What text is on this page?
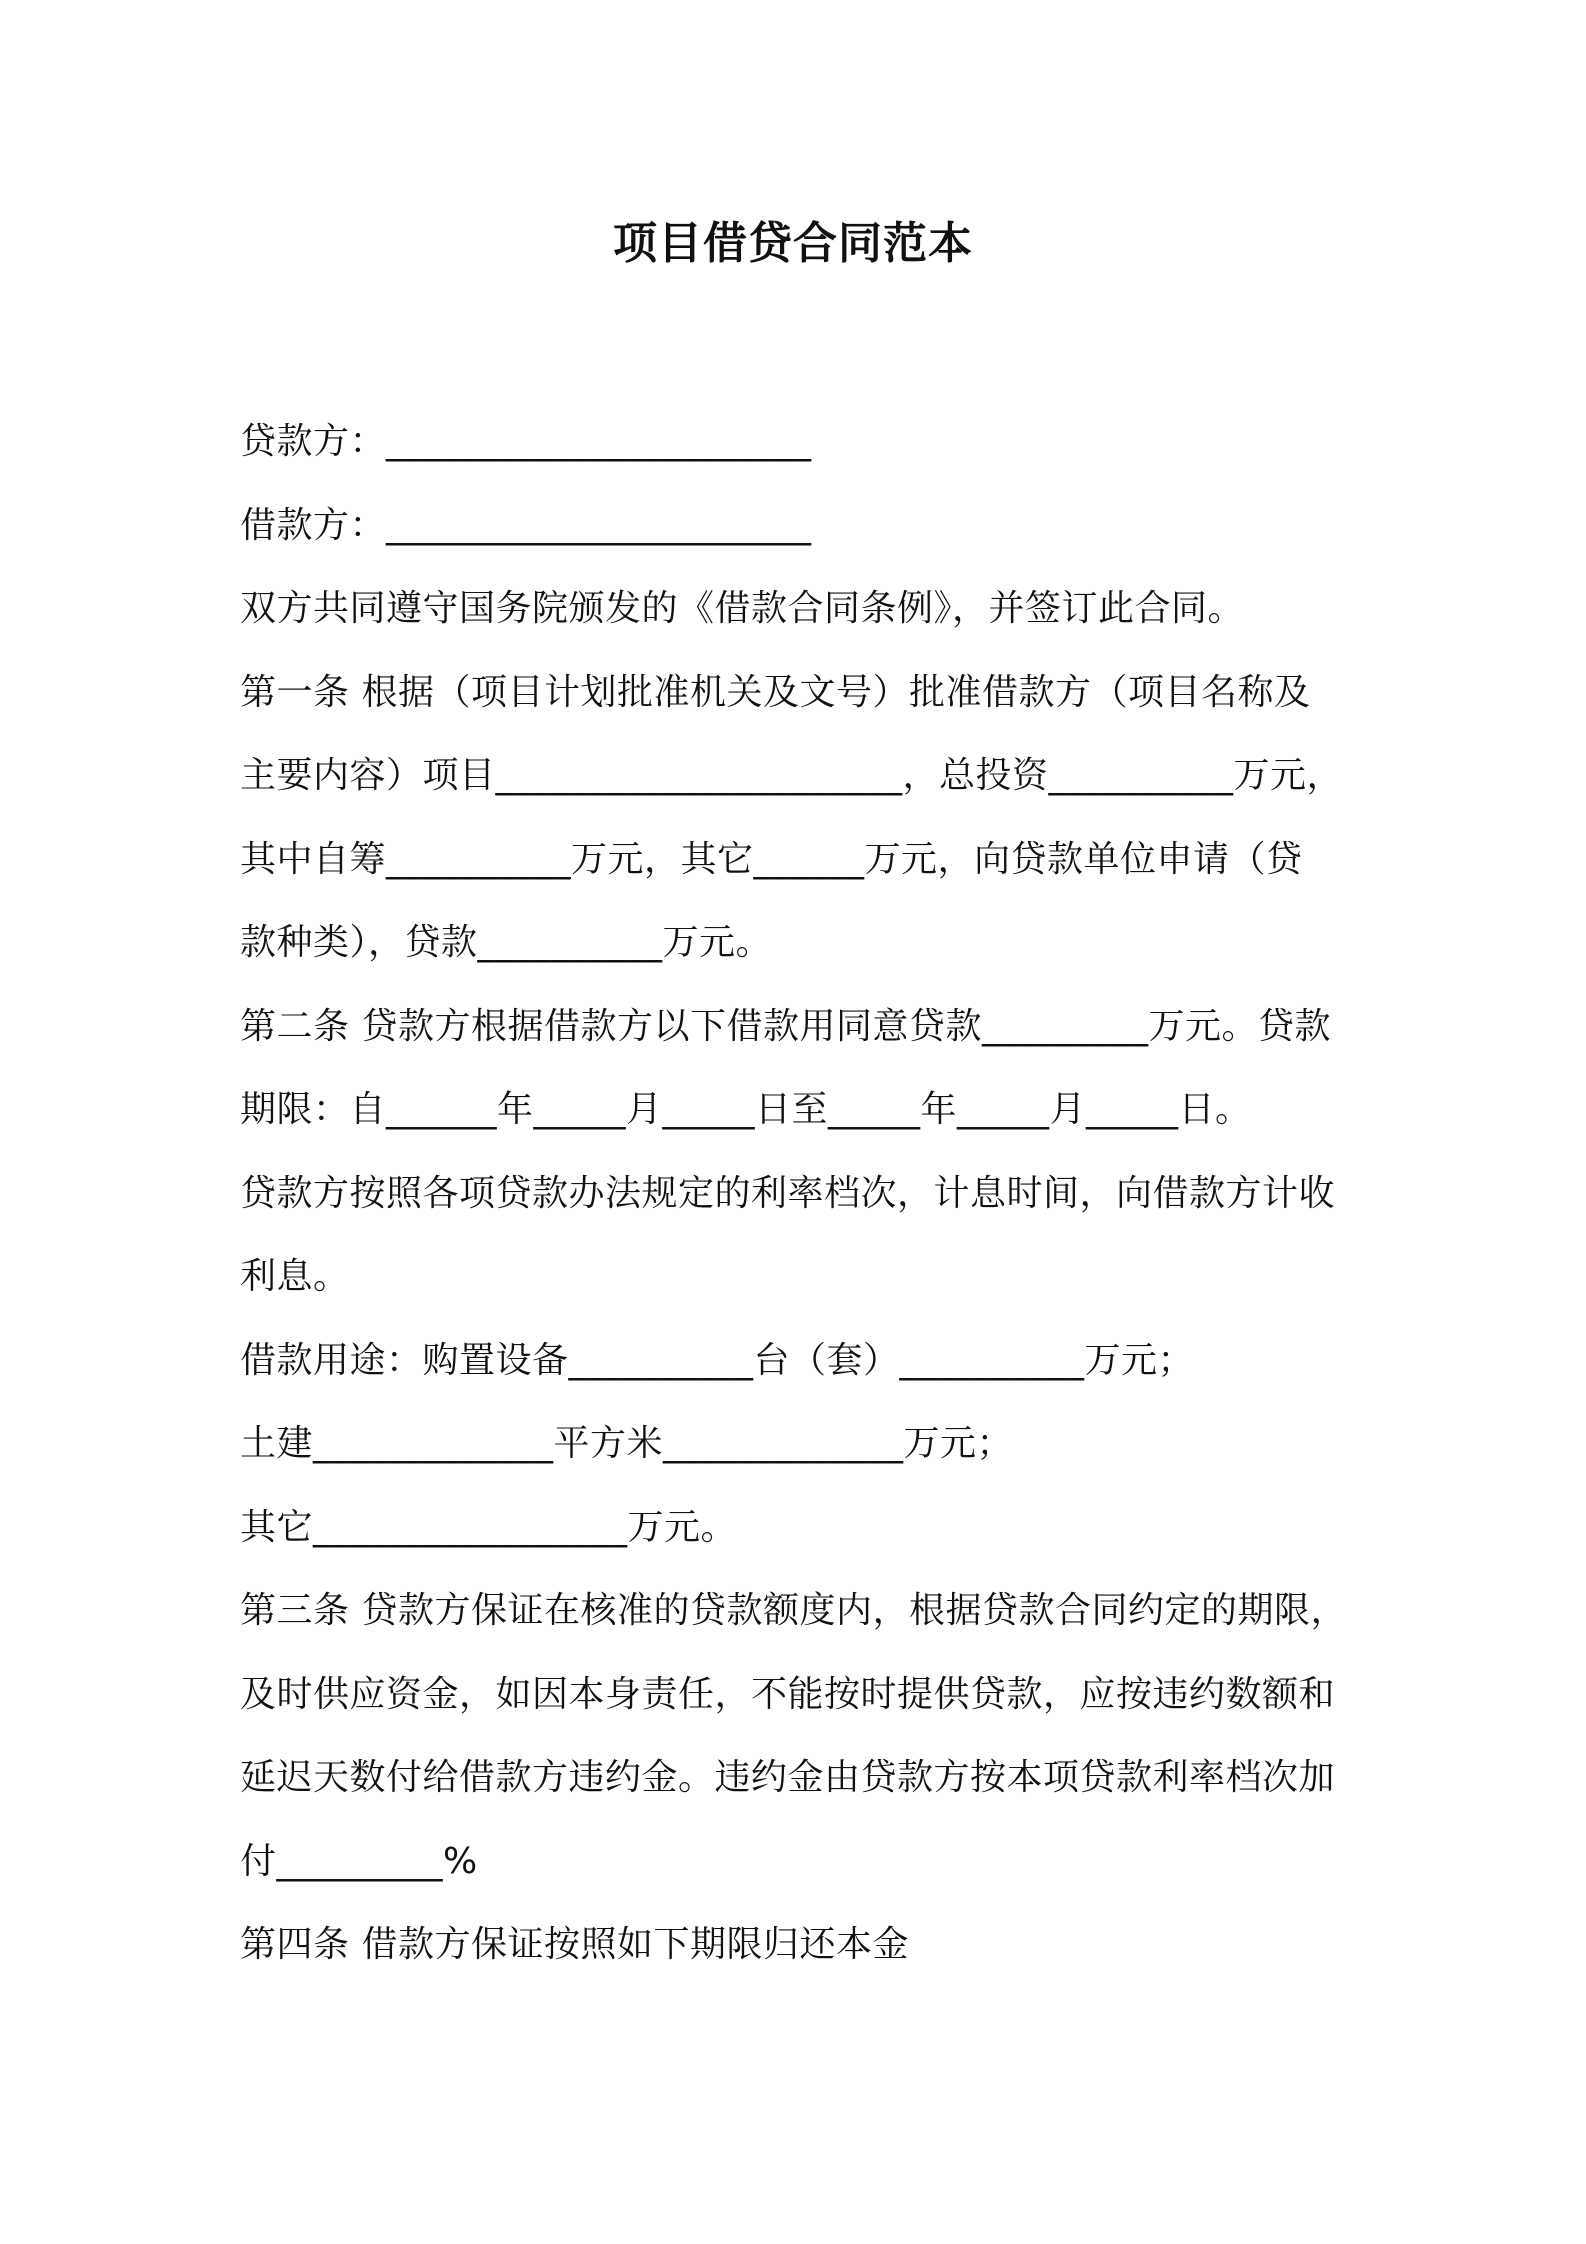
项目借贷合同范本
贷款方：_______________________
借款方：_______________________
双方共同遵守国务院颁发的《借款合同条例》，并签订此合同。
第一条 根据（项目计划批准机关及文号）批准借款方（项目名称及
主要内容）项目______________________，总投资__________万元，
其中自筹__________万元，其它______万元，向贷款单位申请（贷
款种类），贷款__________万元。
第二条 贷款方根据借款方以下借款用同意贷款_________万元。贷款
期限：自______年_____月_____日至_____年_____月_____日。
贷款方按照各项贷款办法规定的利率档次，计息时间，向借款方计收
利息。
借款用途：购置设备__________台（套）__________万元；
土建_____________平方米_____________万元；
其它_________________万元。
第三条 贷款方保证在核准的贷款额度内，根据贷款合同约定的期限，
及时供应资金，如因本身责任，不能按时提供贷款，应按违约数额和
延迟天数付给借款方违约金。违约金由贷款方按本项贷款利率档次加
付_________%
第四条 借款方保证按照如下期限归还本金
